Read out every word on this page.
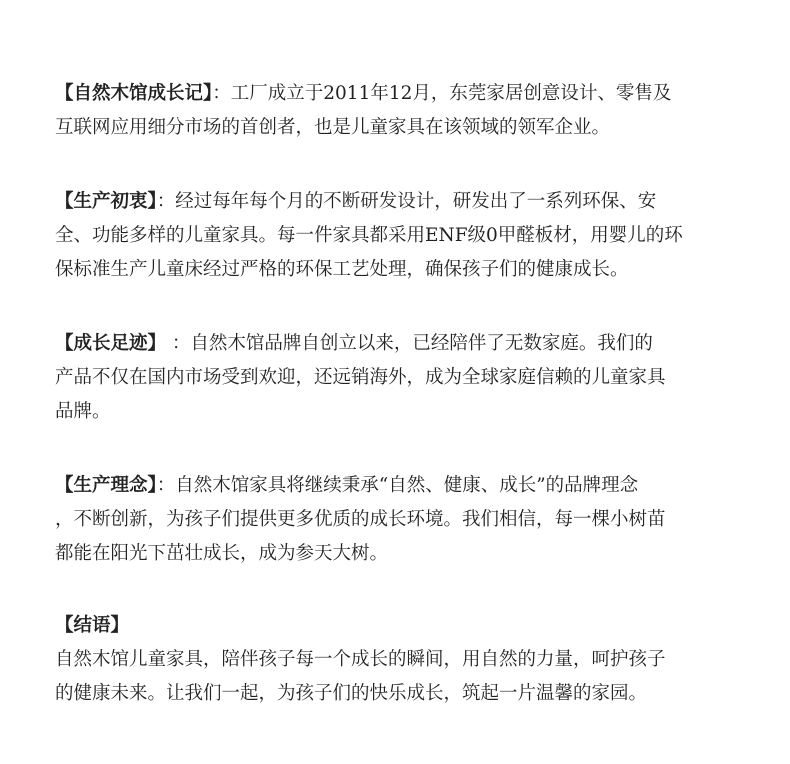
【自然木馆成长记】：工厂成立于2011年12月，东莞家居创意设计、零售及

互联网应用细分市场的首创者，也是儿童家具在该领域的领军企业。

【生产初衷】：经过每年每个月的不断研发设计，研发出了一系列环保、安

全、功能多样的儿童家具。每一件家具都采用ENF级0甲醛板材，用婴儿的环

保标准生产儿童床经过严格的环保工艺处理，确保孩子们的健康成长。

【成长足迹】 ：自然木馆品牌自创立以来，已经陪伴了无数家庭。我们的

产品不仅在国内市场受到欢迎，还远销海外，成为全球家庭信赖的儿童家具

品牌。

【生产理念】：自然木馆家具将继续秉承“自然、健康、成长”的品牌理念

，不断创新，为孩子们提供更多优质的成长环境。我们相信，每一棵小树苗

都能在阳光下茁壮成长，成为参天大树。

【结语】

自然木馆儿童家具，陪伴孩子每一个成长的瞬间，用自然的力量，呵护孩子

的健康未来。让我们一起，为孩子们的快乐成长，筑起一片温馨的家园。
